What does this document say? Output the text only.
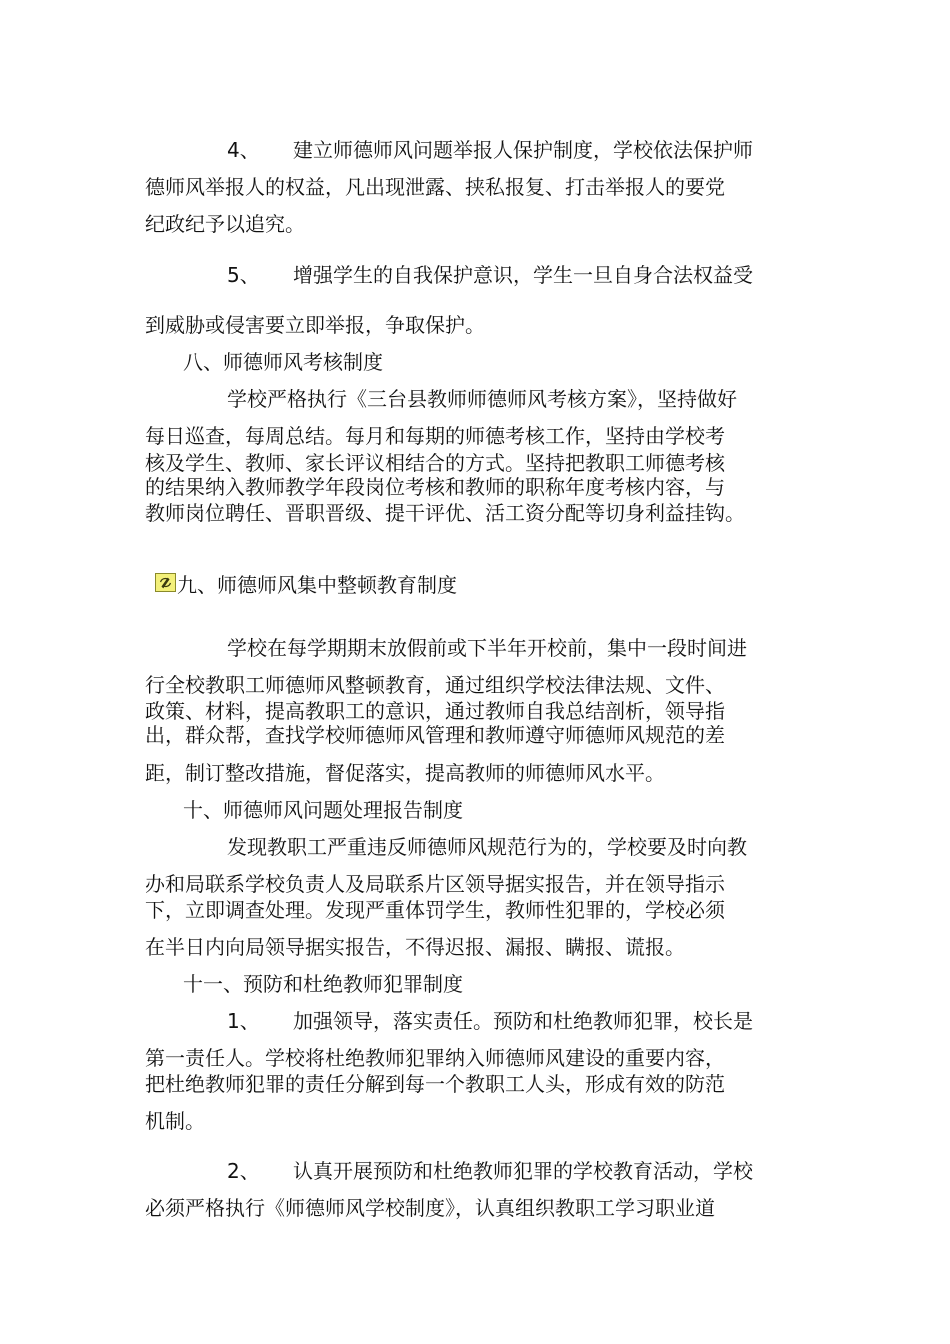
4、 建立师德师风问题举报人保护制度，学校依法保护师
德师风举报人的权益，凡出现泄露、挟私报复、打击举报人的要党
纪政纪予以追究。
5、 增强学生的自我保护意识，学生一旦自身合法权益受
到威胁或侵害要立即举报，争取保护。
八、师德师风考核制度
学校严格执行《三台县教师师德师风考核方案》，坚持做好
每日巡查，每周总结。每月和每期的师德考核工作，坚持由学校考
核及学生、教师、家长评议相结合的方式。坚持把教职工师德考核
的结果纳入教师教学年段岗位考核和教师的职称年度考核内容，与
教师岗位聘任、晋职晋级、提干评优、活工资分配等切身利益挂钩。
九、师德师风集中整顿教育制度
学校在每学期期末放假前或下半年开校前，集中一段时间进
行全校教职工师德师风整顿教育，通过组织学校法律法规、文件、
政策、材料，提高教职工的意识，通过教师自我总结剖析，领导指
出，群众帮，查找学校师德师风管理和教师遵守师德师风规范的差
距，制订整改措施，督促落实，提高教师的师德师风水平。
十、师德师风问题处理报告制度
发现教职工严重违反师德师风规范行为的，学校要及时向教
办和局联系学校负责人及局联系片区领导据实报告，并在领导指示
下，立即调查处理。发现严重体罚学生，教师性犯罪的，学校必须
在半日内向局领导据实报告，不得迟报、漏报、瞒报、谎报。
十一、预防和杜绝教师犯罪制度
1、 加强领导，落实责任。预防和杜绝教师犯罪，校长是
第一责任人。学校将杜绝教师犯罪纳入师德师风建设的重要内容，
把杜绝教师犯罪的责任分解到每一个教职工人头，形成有效的防范
机制。
2、 认真开展预防和杜绝教师犯罪的学校教育活动，学校
必须严格执行《师德师风学校制度》，认真组织教职工学习职业道
